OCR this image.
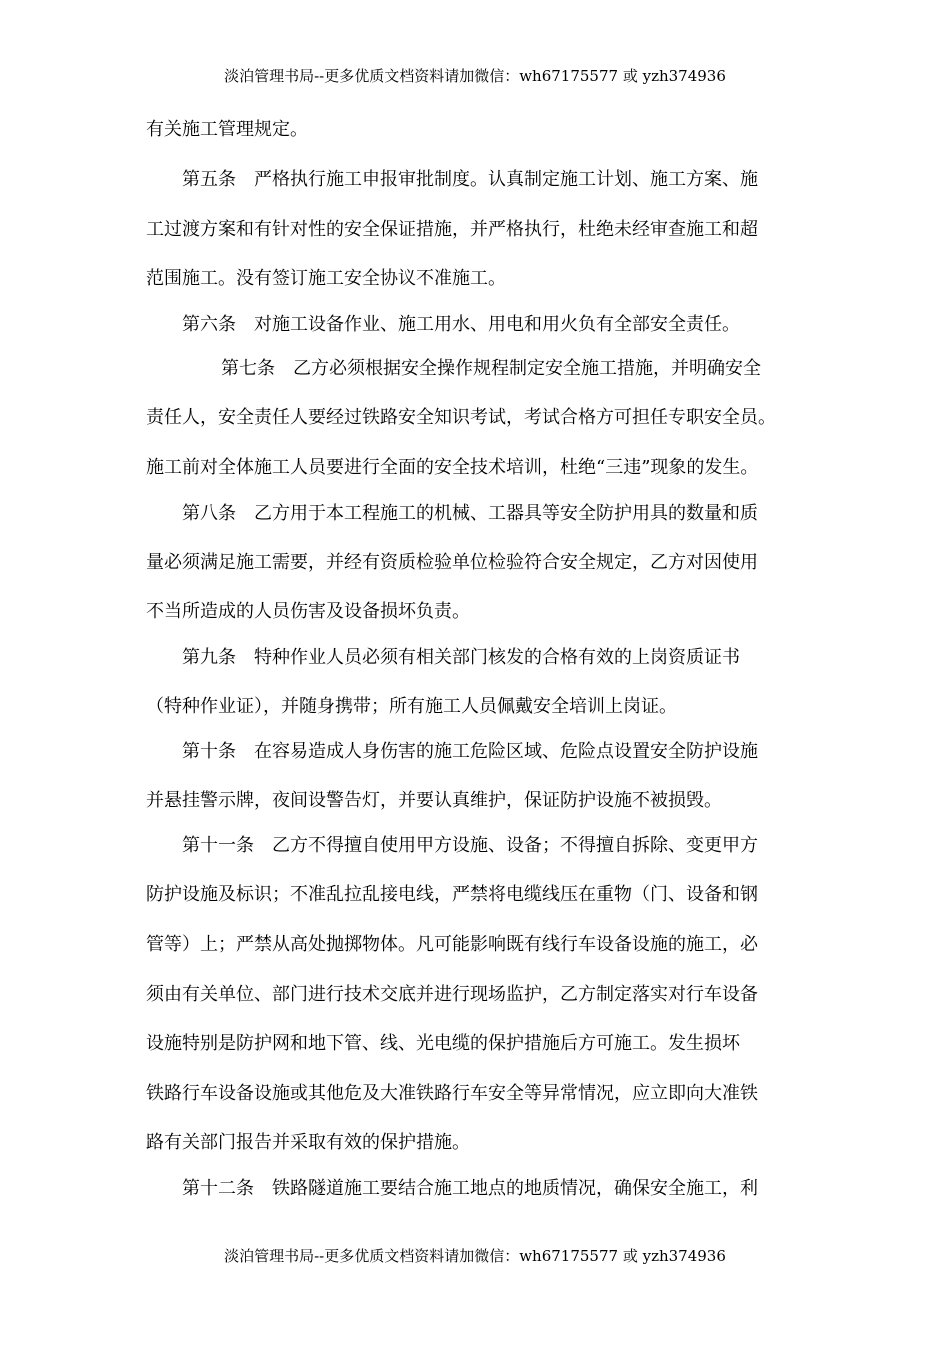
淡泊管理书局--更多优质文档资料请加微信：wh67175577 或 yzh374936
有关施工管理规定。
第五条　严格执行施工申报审批制度。认真制定施工计划、施工方案、施
工过渡方案和有针对性的安全保证措施，并严格执行，杜绝未经审查施工和超
范围施工。没有签订施工安全协议不准施工。
第六条　对施工设备作业、施工用水、用电和用火负有全部安全责任。
第七条　乙方必须根据安全操作规程制定安全施工措施，并明确安全
责任人，安全责任人要经过铁路安全知识考试，考试合格方可担任专职安全员。
施工前对全体施工人员要进行全面的安全技术培训，杜绝“三违”现象的发生。
第八条　乙方用于本工程施工的机械、工器具等安全防护用具的数量和质
量必须满足施工需要，并经有资质检验单位检验符合安全规定，乙方对因使用
不当所造成的人员伤害及设备损坏负责。
第九条　特种作业人员必须有相关部门核发的合格有效的上岗资质证书
（特种作业证），并随身携带；所有施工人员佩戴安全培训上岗证。
第十条　在容易造成人身伤害的施工危险区域、危险点设置安全防护设施
并悬挂警示牌，夜间设警告灯，并要认真维护，保证防护设施不被损毁。
第十一条　乙方不得擅自使用甲方设施、设备；不得擅自拆除、变更甲方
防护设施及标识；不准乱拉乱接电线，严禁将电缆线压在重物（门、设备和钢
管等）上；严禁从高处抛掷物体。凡可能影响既有线行车设备设施的施工，必
须由有关单位、部门进行技术交底并进行现场监护，乙方制定落实对行车设备
设施特别是防护网和地下管、线、光电缆的保护措施后方可施工。发生损坏
铁路行车设备设施或其他危及大准铁路行车安全等异常情况，应立即向大准铁
路有关部门报告并采取有效的保护措施。
第十二条　铁路隧道施工要结合施工地点的地质情况，确保安全施工，利
淡泊管理书局--更多优质文档资料请加微信：wh67175577 或 yzh374936
